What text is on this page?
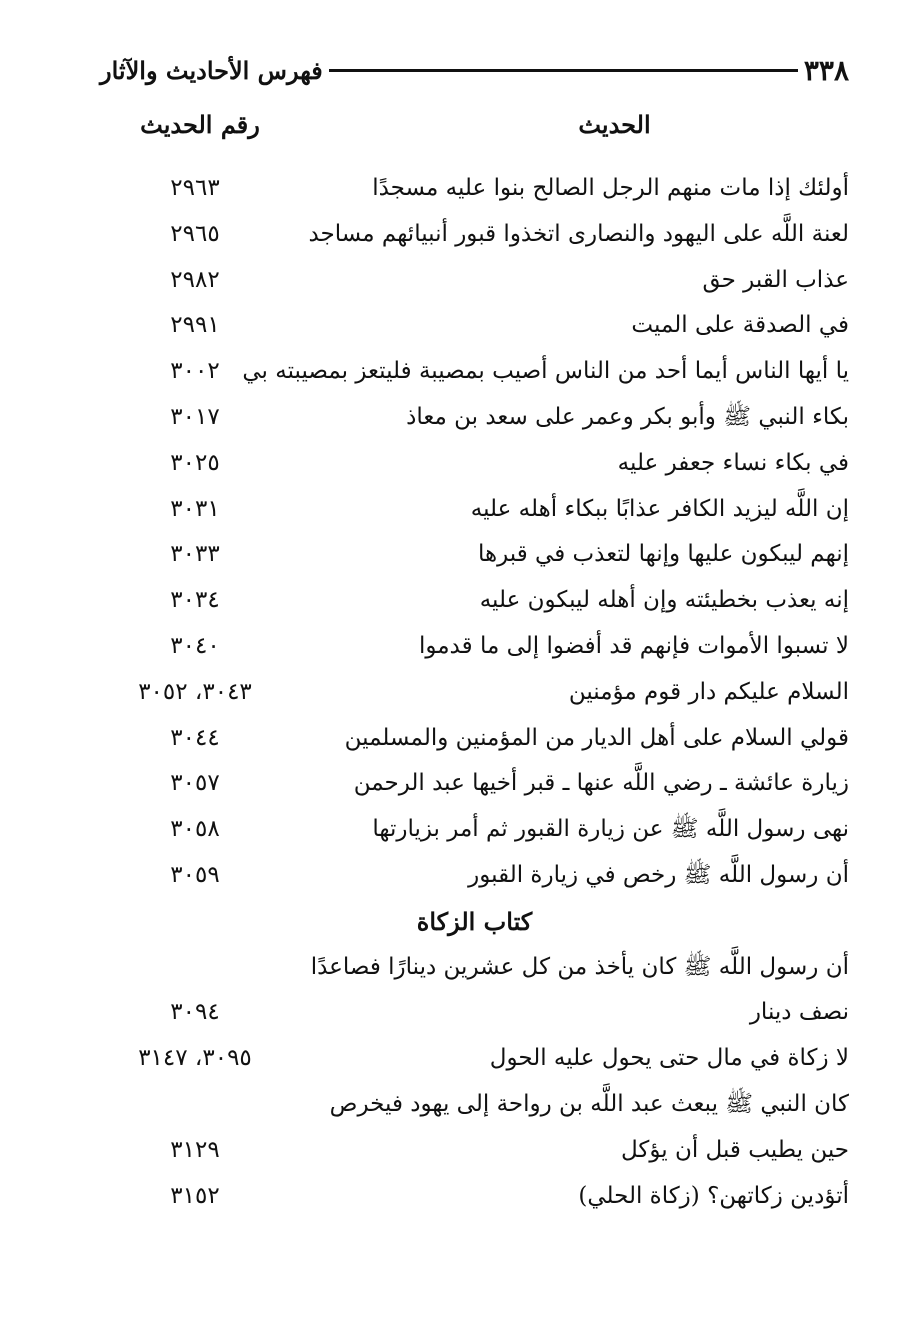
٣٣٨
فهرس الأحاديث والآثار
الحديث
رقم الحديث
أولئك إذا مات منهم الرجل الصالح بنوا عليه مسجدًا
٢٩٦٣
لعنة اللَّه على اليهود والنصارى اتخذوا قبور أنبيائهم مساجد
٢٩٦٥
عذاب القبر حق
٢٩٨٢
في الصدقة على الميت
٢٩٩١
يا أيها الناس أيما أحد من الناس أصيب بمصيبة فليتعز بمصيبته بي
٣٠٠٢
بكاء النبي ﷺ وأبو بكر وعمر على سعد بن معاذ
٣٠١٧
في بكاء نساء جعفر عليه
٣٠٢٥
إن اللَّه ليزيد الكافر عذابًا ببكاء أهله عليه
٣٠٣١
إنهم ليبكون عليها وإنها لتعذب في قبرها
٣٠٣٣
إنه يعذب بخطيئته وإن أهله ليبكون عليه
٣٠٣٤
لا تسبوا الأموات فإنهم قد أفضوا إلى ما قدموا
٣٠٤٠
السلام عليكم دار قوم مؤمنين
٣٠٤٣، ٣٠٥٢
قولي السلام على أهل الديار من المؤمنين والمسلمين
٣٠٤٤
زيارة عائشة ـ رضي اللَّه عنها ـ قبر أخيها عبد الرحمن
٣٠٥٧
نهى رسول اللَّه ﷺ عن زيارة القبور ثم أمر بزيارتها
٣٠٥٨
أن رسول اللَّه ﷺ رخص في زيارة القبور
٣٠٥٩
كتاب الزكاة
أن رسول اللَّه ﷺ كان يأخذ من كل عشرين دينارًا فصاعدًا
نصف دينار
٣٠٩٤
لا زكاة في مال حتى يحول عليه الحول
٣٠٩٥، ٣١٤٧
كان النبي ﷺ يبعث عبد اللَّه بن رواحة إلى يهود فيخرص
حين يطيب قبل أن يؤكل
٣١٢٩
أتؤدين زكاتهن؟ (زكاة الحلي)
٣١٥٢
